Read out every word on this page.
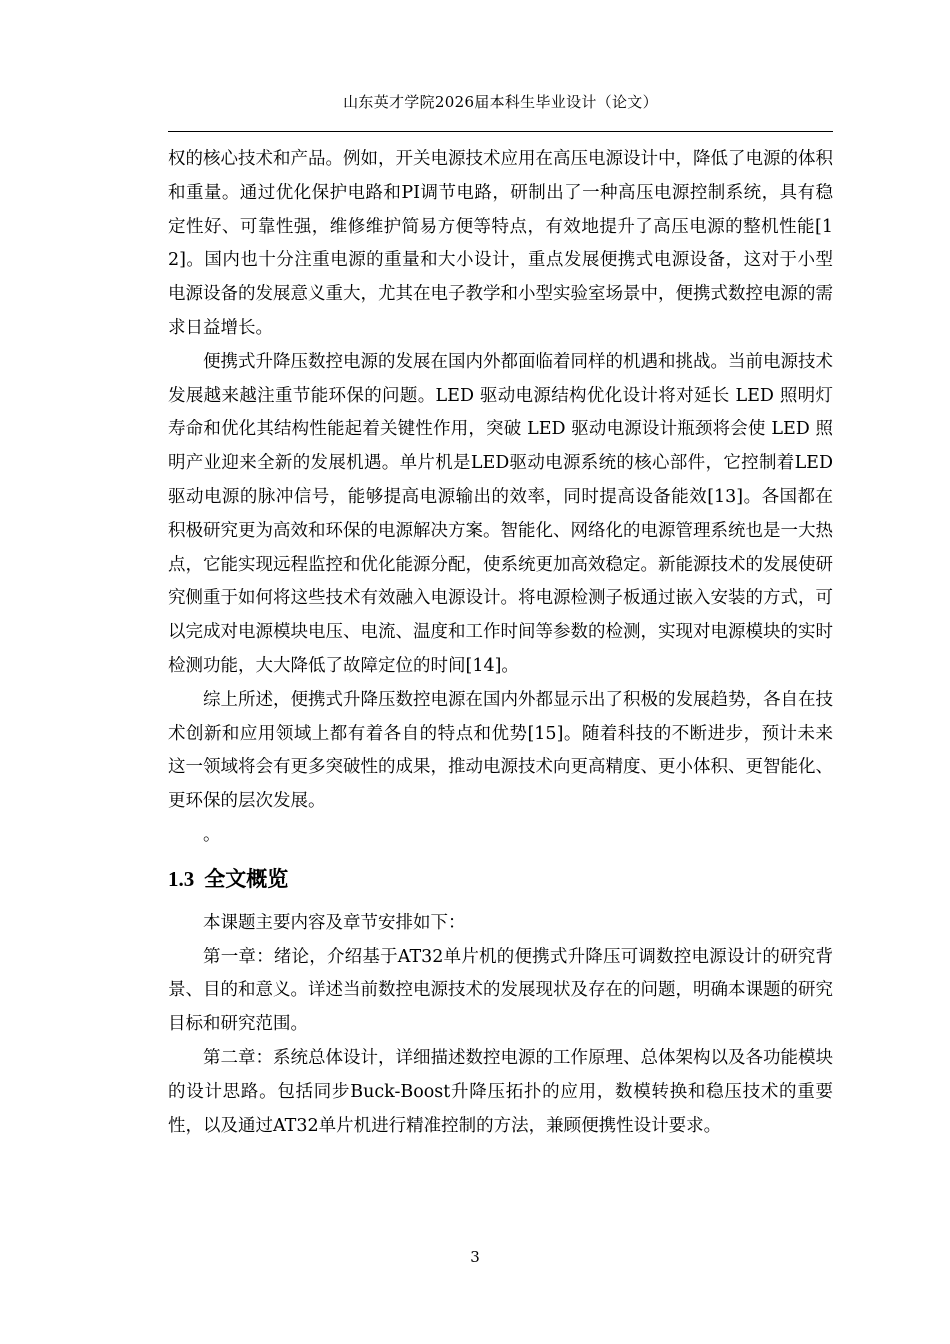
山东英才学院2026届本科生毕业设计（论文）

权的核心技术和产品。例如，开关电源技术应用在高压电源设计中，降低了电源的体积和重量。通过优化保护电路和PI调节电路，研制出了一种高压电源控制系统，具有稳定性好、可靠性强，维修维护简易方便等特点，有效地提升了高压电源的整机性能[12]。国内也十分注重电源的重量和大小设计，重点发展便携式电源设备，这对于小型电源设备的发展意义重大，尤其在电子教学和小型实验室场景中，便携式数控电源的需求日益增长。

便携式升降压数控电源的发展在国内外都面临着同样的机遇和挑战。当前电源技术发展越来越注重节能环保的问题。LED 驱动电源结构优化设计将对延长 LED 照明灯寿命和优化其结构性能起着关键性作用，突破 LED 驱动电源设计瓶颈将会使 LED 照明产业迎来全新的发展机遇。单片机是LED驱动电源系统的核心部件，它控制着LED驱动电源的脉冲信号，能够提高电源输出的效率，同时提高设备能效[13]。各国都在积极研究更为高效和环保的电源解决方案。智能化、网络化的电源管理系统也是一大热点，它能实现远程监控和优化能源分配，使系统更加高效稳定。新能源技术的发展使研究侧重于如何将这些技术有效融入电源设计。将电源检测子板通过嵌入安装的方式，可以完成对电源模块电压、电流、温度和工作时间等参数的检测，实现对电源模块的实时检测功能，大大降低了故障定位的时间[14]。

综上所述，便携式升降压数控电源在国内外都显示出了积极的发展趋势，各自在技术创新和应用领域上都有着各自的特点和优势[15]。随着科技的不断进步，预计未来这一领域将会有更多突破性的成果，推动电源技术向更高精度、更小体积、更智能化、更环保的层次发展。

。

1.3 全文概览

本课题主要内容及章节安排如下：

第一章：绪论，介绍基于AT32单片机的便携式升降压可调数控电源设计的研究背景、目的和意义。详述当前数控电源技术的发展现状及存在的问题，明确本课题的研究目标和研究范围。

第二章：系统总体设计，详细描述数控电源的工作原理、总体架构以及各功能模块的设计思路。包括同步Buck-Boost升降压拓扑的应用，数模转换和稳压技术的重要性，以及通过AT32单片机进行精准控制的方法，兼顾便携性设计要求。

3
